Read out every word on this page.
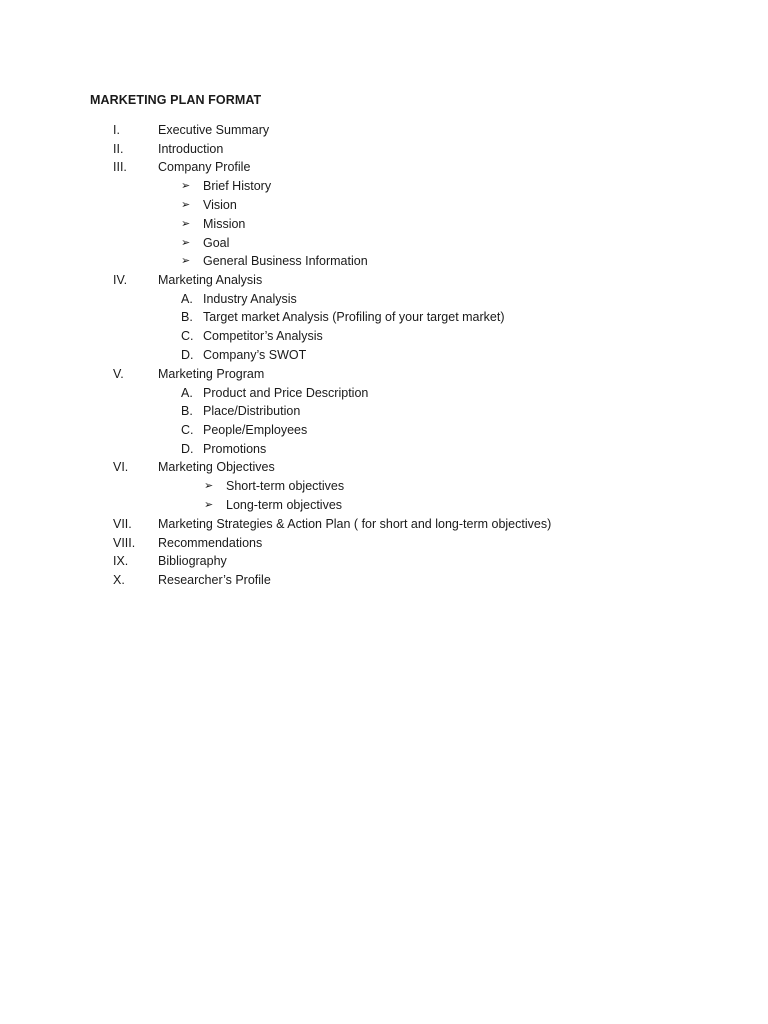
MARKETING PLAN FORMAT
I.	Executive Summary
II.	Introduction
III. Company Profile
➢ Brief History
➢ Vision
➢ Mission
➢ Goal
➢ General Business Information
IV. Marketing Analysis
A. Industry Analysis
B. Target market Analysis (Profiling of your target market)
C. Competitor’s Analysis
D. Company’s SWOT
V.	Marketing Program
A. Product and Price Description
B. Place/Distribution
C. People/Employees
D. Promotions
VI. Marketing Objectives
➢ Short-term objectives
➢ Long-term objectives
VII. Marketing Strategies & Action Plan ( for short and long-term objectives)
VIII. Recommendations
IX. Bibliography
X.	Researcher’s Profile
